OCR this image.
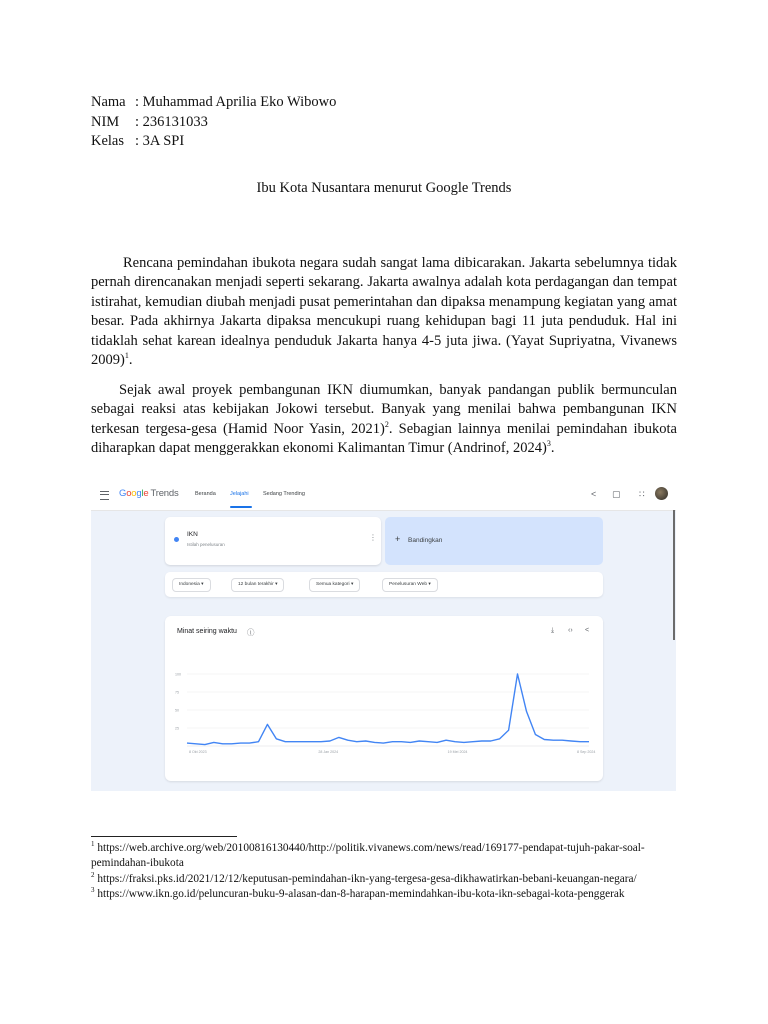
Nama : Muhammad Aprilia Eko Wibowo
NIM	: 236131033
Kelas : 3A SPI
Ibu Kota Nusantara menurut Google Trends

Rencana pemindahan ibukota negara sudah sangat lama dibicarakan. Jakarta sebelumnya tidak pernah direncanakan menjadi seperti sekarang. Jakarta awalnya adalah kota perdagangan dan tempat istirahat, kemudian diubah menjadi pusat pemerintahan dan dipaksa menampung kegiatan yang amat besar. Pada akhirnya Jakarta dipaksa mencukupi ruang kehidupan bagi 11 juta penduduk. Hal ini tidaklah sehat karean idealnya penduduk Jakarta hanya 4-5 juta jiwa. (Yayat Supriyatna, Vivanews 2009)$^1$.

Sejak awal proyek pembangunan IKN diumumkan, banyak pandangan publik bermunculan sebagai reaksi atas kebijakan Jokowi tersebut. Banyak yang menilai bahwa pembangunan IKN terkesan tergesa-gesa (Hamid Noor Yasin, 2021)$^2$. Sebagian lainnya menilai pemindahan ibukota diharapkan dapat menggerakkan ekonomi Kalimantan Timur (Andrinof, 2024)$^3$.

Google Trends	Beranda	Jelajahi	Sedang Trending	< ▢ ∷
IKN
Istilah penelusuran
⋮ + Bandingkan
Indonesia ▾	12 bulan terakhir ▾	Semua kategori ▾	Penelusuran Web ▾
Minat seiring waktu ⓘ	⤓ ‹› <
100
75
50
25
8 Okt 2023	28 Jan 2024	19 Mei 2024	8 Sep 2024

$^1$ https://web.archive.org/web/20100816130440/http://politik.vivanews.com/news/read/169177-pendapat-tujuh-pakar-soal-pemindahan-ibukota

$^2$ https://fraksi.pks.id/2021/12/12/keputusan-pemindahan-ikn-yang-tergesa-gesa-dikhawatirkan-bebani-keuangan-negara/

$^3$ https://www.ikn.go.id/peluncuran-buku-9-alasan-dan-8-harapan-memindahkan-ibu-kota-ikn-sebagai-kota-penggerak
